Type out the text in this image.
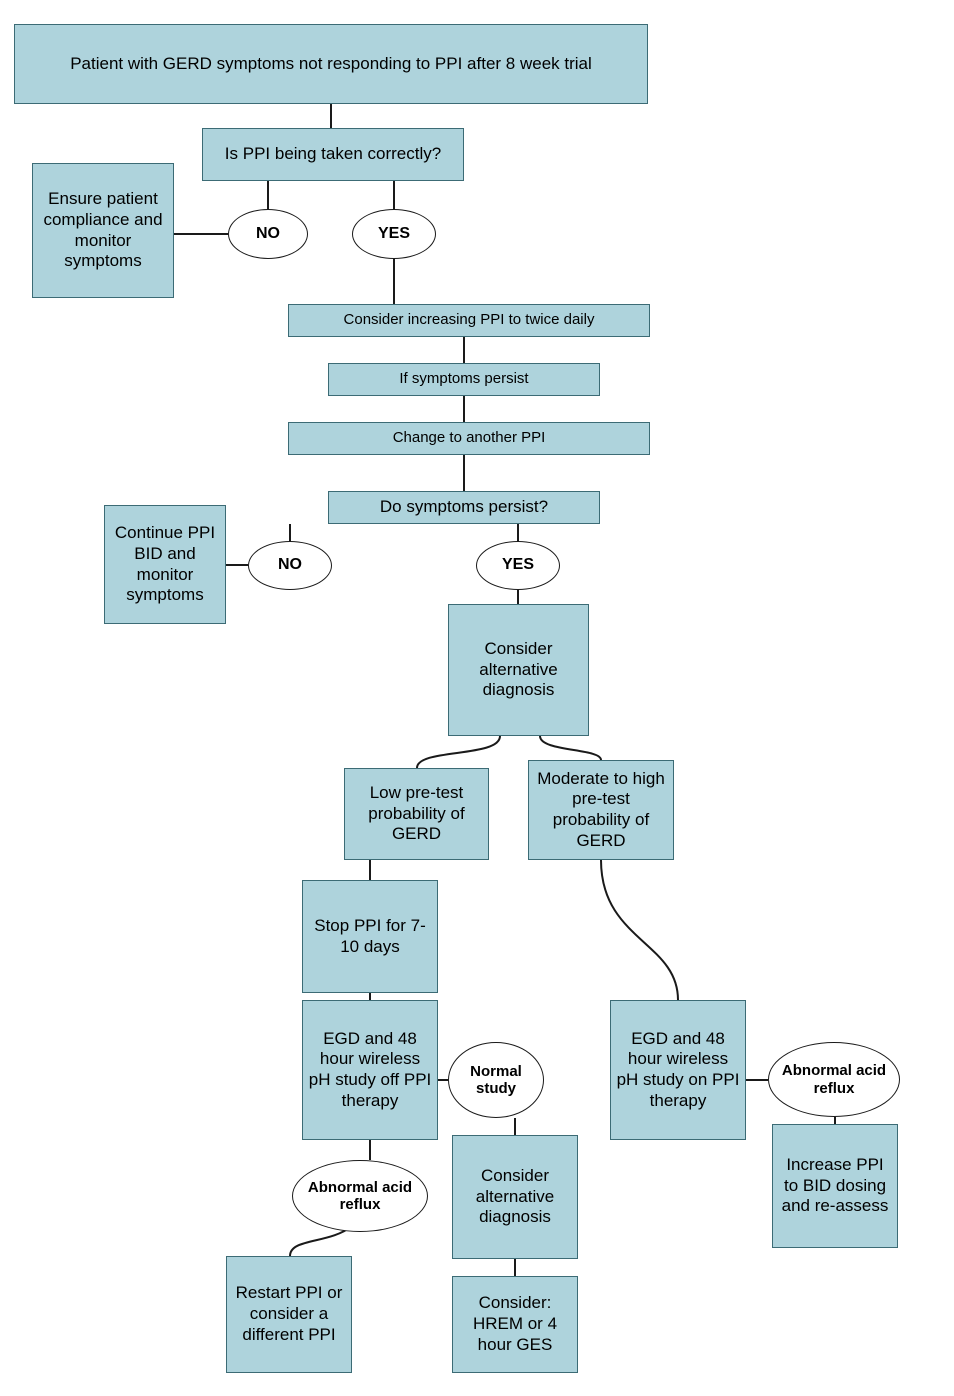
Patient with GERD symptoms not responding to PPI after 8 week trial
Is PPI being taken correctly?
Ensure patient compliance and monitor symptoms
Consider increasing PPI to twice daily
If symptoms persist
Change to another PPI
Do symptoms persist?
Continue PPI BID and monitor symptoms
Consider alternative diagnosis
Low pre-test probability of GERD
Moderate to high pre-test probability of GERD
Stop PPI for 7-10 days
EGD and 48 hour wireless pH study off PPI therapy
EGD and 48 hour wireless pH study on PPI therapy
Increase PPI to BID dosing and re-assess
Consider alternative diagnosis
Restart PPI or consider a different PPI
Consider: HREM or 4 hour GES
NO	YES
NO	YES
Normal study
Abnormal acid reflux
Abnormal acid reflux
